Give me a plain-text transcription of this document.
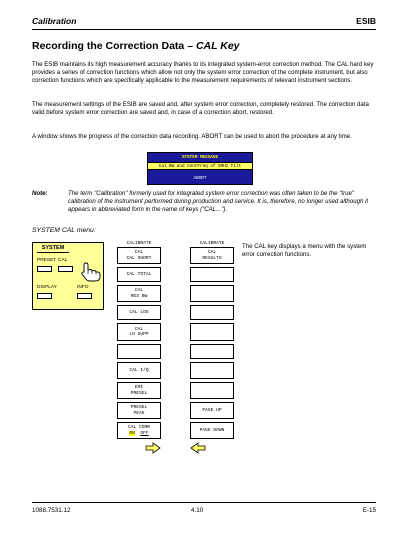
Calibration	ESIB
Recording the Correction Data – CAL Key
The ESIB maintains its high measurement accuracy thanks to its integrated system-error correction method. The CAL hard key provides a series of correction functions which allow not only the system error correction of the complete instrument, but also correction functions which are specifically applicable to the measurement requirements of relevant instrument sections.
The measurement settings of the ESIB are saved and, after system error correction, completely restored. The correction data valid before system error correction are saved and, in case of a correction abort, restored.
A window shows the progress of the correction data recording. ABORT can be used to abort the procedure at any time.
SYSTEM MESSAGE
Cal BW and CentFreq of 5MHz Filt
ABORT
Note:	The term "Calibration" formerly used for integrated system error correction was often taken to be the "true" calibration of the instrument performed during production and service. It is, therefore, no longer used although it appears in abbreviated form in the name of keys ("CAL...").
SYSTEM CAL menu:
SYSTEM
PRESET CAL
DISPLAY	INFO
CALIBRATE
CAL
CAL SHORT
CAL TOTAL
CAL
RES BW
CAL LOG
CAL
LO SUPP
CAL I/Q
EMI
PRESEL
PRESEL
PEAK
CAL CORR
ON OFF
CALIBRATE
CAL
RESULTS
PAGE UP
PAGE DOWN
The CAL key displays a menu with the system error correction functions.
1088.7531.12	4.10	E-15
